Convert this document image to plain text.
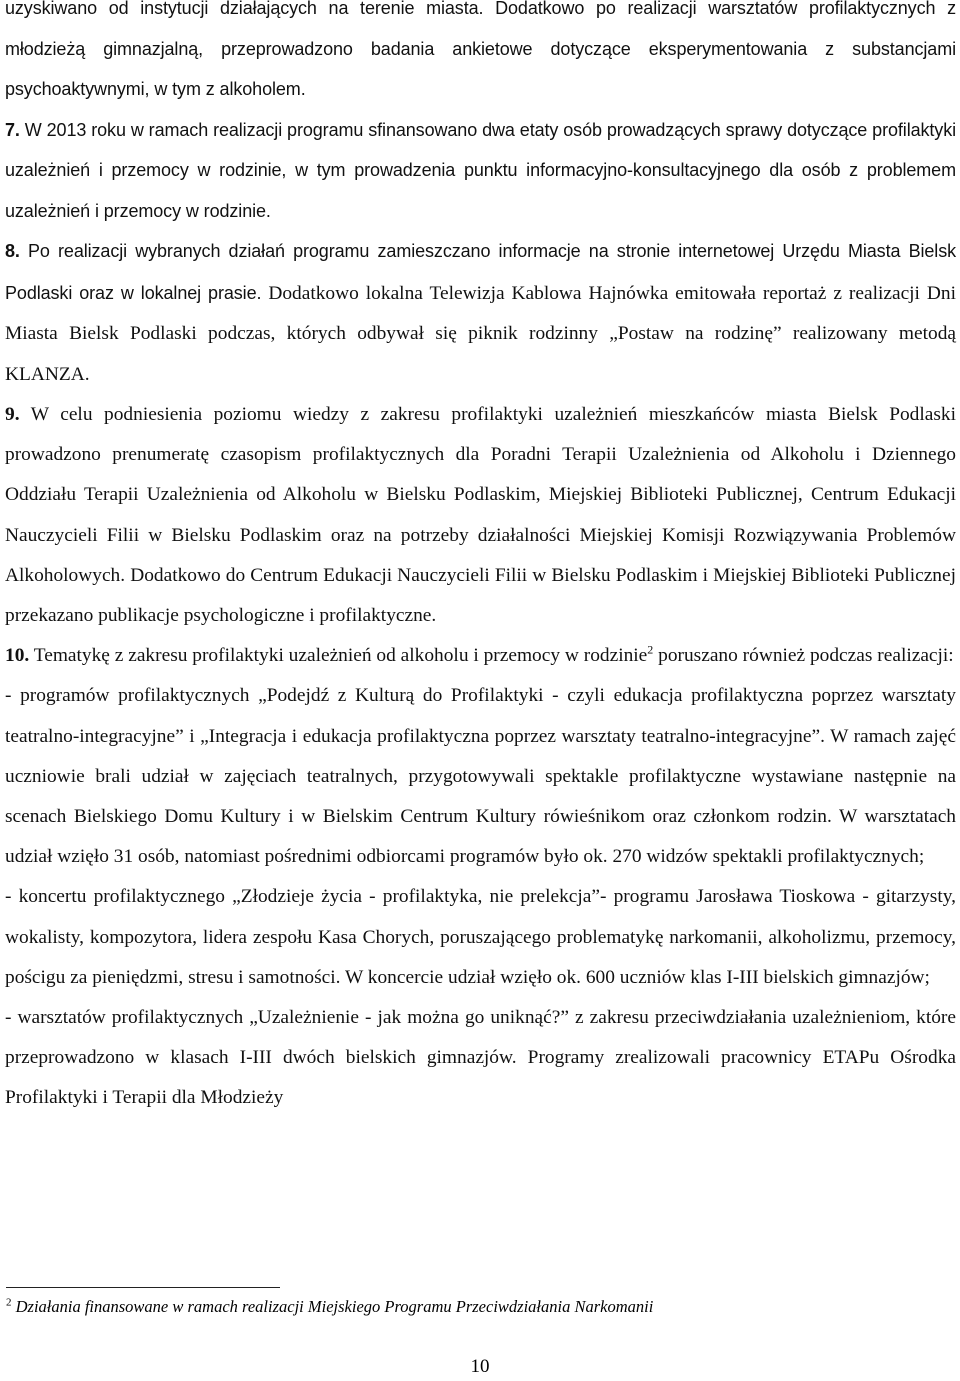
uzyskiwano od instytucji działających na terenie miasta. Dodatkowo po realizacji warsztatów profilaktycznych z młodzieżą gimnazjalną, przeprowadzono badania ankietowe dotyczące eksperymentowania z substancjami psychoaktywnymi, w tym z alkoholem.

7. W 2013 roku w ramach realizacji programu sfinansowano dwa etaty osób prowadzących sprawy dotyczące profilaktyki uzależnień i przemocy w rodzinie, w tym prowadzenia punktu informacyjno-konsultacyjnego dla osób z problemem uzależnień i przemocy w rodzinie.

8. Po realizacji wybranych działań programu zamieszczano informacje na stronie internetowej Urzędu Miasta Bielsk Podlaski oraz w lokalnej prasie. Dodatkowo lokalna Telewizja Kablowa Hajnówka emitowała reportaż z realizacji Dni Miasta Bielsk Podlaski podczas, których odbywał się piknik rodzinny „Postaw na rodzinę” realizowany metodą KLANZA.

9. W celu podniesienia poziomu wiedzy z zakresu profilaktyki uzależnień mieszkańców miasta Bielsk Podlaski prowadzono prenumeratę czasopism profilaktycznych dla Poradni Terapii Uzależnienia od Alkoholu i Dziennego Oddziału Terapii Uzależnienia od Alkoholu w Bielsku Podlaskim, Miejskiej Biblioteki Publicznej, Centrum Edukacji Nauczycieli Filii w Bielsku Podlaskim oraz na potrzeby działalności Miejskiej Komisji Rozwiązywania Problemów Alkoholowych. Dodatkowo do Centrum Edukacji Nauczycieli Filii w Bielsku Podlaskim i Miejskiej Biblioteki Publicznej przekazano publikacje psychologiczne i profilaktyczne.

10. Tematykę z zakresu profilaktyki uzależnień od alkoholu i przemocy w rodzinie$^2$ poruszano również podczas realizacji:

- programów profilaktycznych „Podejdź z Kulturą do Profilaktyki - czyli edukacja profilaktyczna poprzez warsztaty teatralno-integracyjne” i „Integracja i edukacja profilaktyczna poprzez warsztaty teatralno-integracyjne”. W ramach zajęć uczniowie brali udział w zajęciach teatralnych, przygotowywali spektakle profilaktyczne wystawiane następnie na scenach Bielskiego Domu Kultury i w Bielskim Centrum Kultury rówieśnikom oraz członkom rodzin. W warsztatach udział wzięło 31 osób, natomiast pośrednimi odbiorcami programów było ok. 270 widzów spektakli profilaktycznych;

- koncertu profilaktycznego „Złodzieje życia - profilaktyka, nie prelekcja”- programu Jarosława Tioskowa - gitarzysty, wokalisty, kompozytora, lidera zespołu Kasa Chorych, poruszającego problematykę narkomanii, alkoholizmu, przemocy, pościgu za pieniędzmi, stresu i samotności. W koncercie udział wzięło ok. 600 uczniów klas I-III bielskich gimnazjów;

- warsztatów profilaktycznych „Uzależnienie - jak można go uniknąć?” z zakresu przeciwdziałania uzależnieniom, które przeprowadzono w klasach I-III dwóch bielskich gimnazjów. Programy zrealizowali pracownicy ETAPu Ośrodka Profilaktyki i Terapii dla Młodzieży

$^2$ Działania finansowane w ramach realizacji Miejskiego Programu Przeciwdziałania Narkomanii
10
